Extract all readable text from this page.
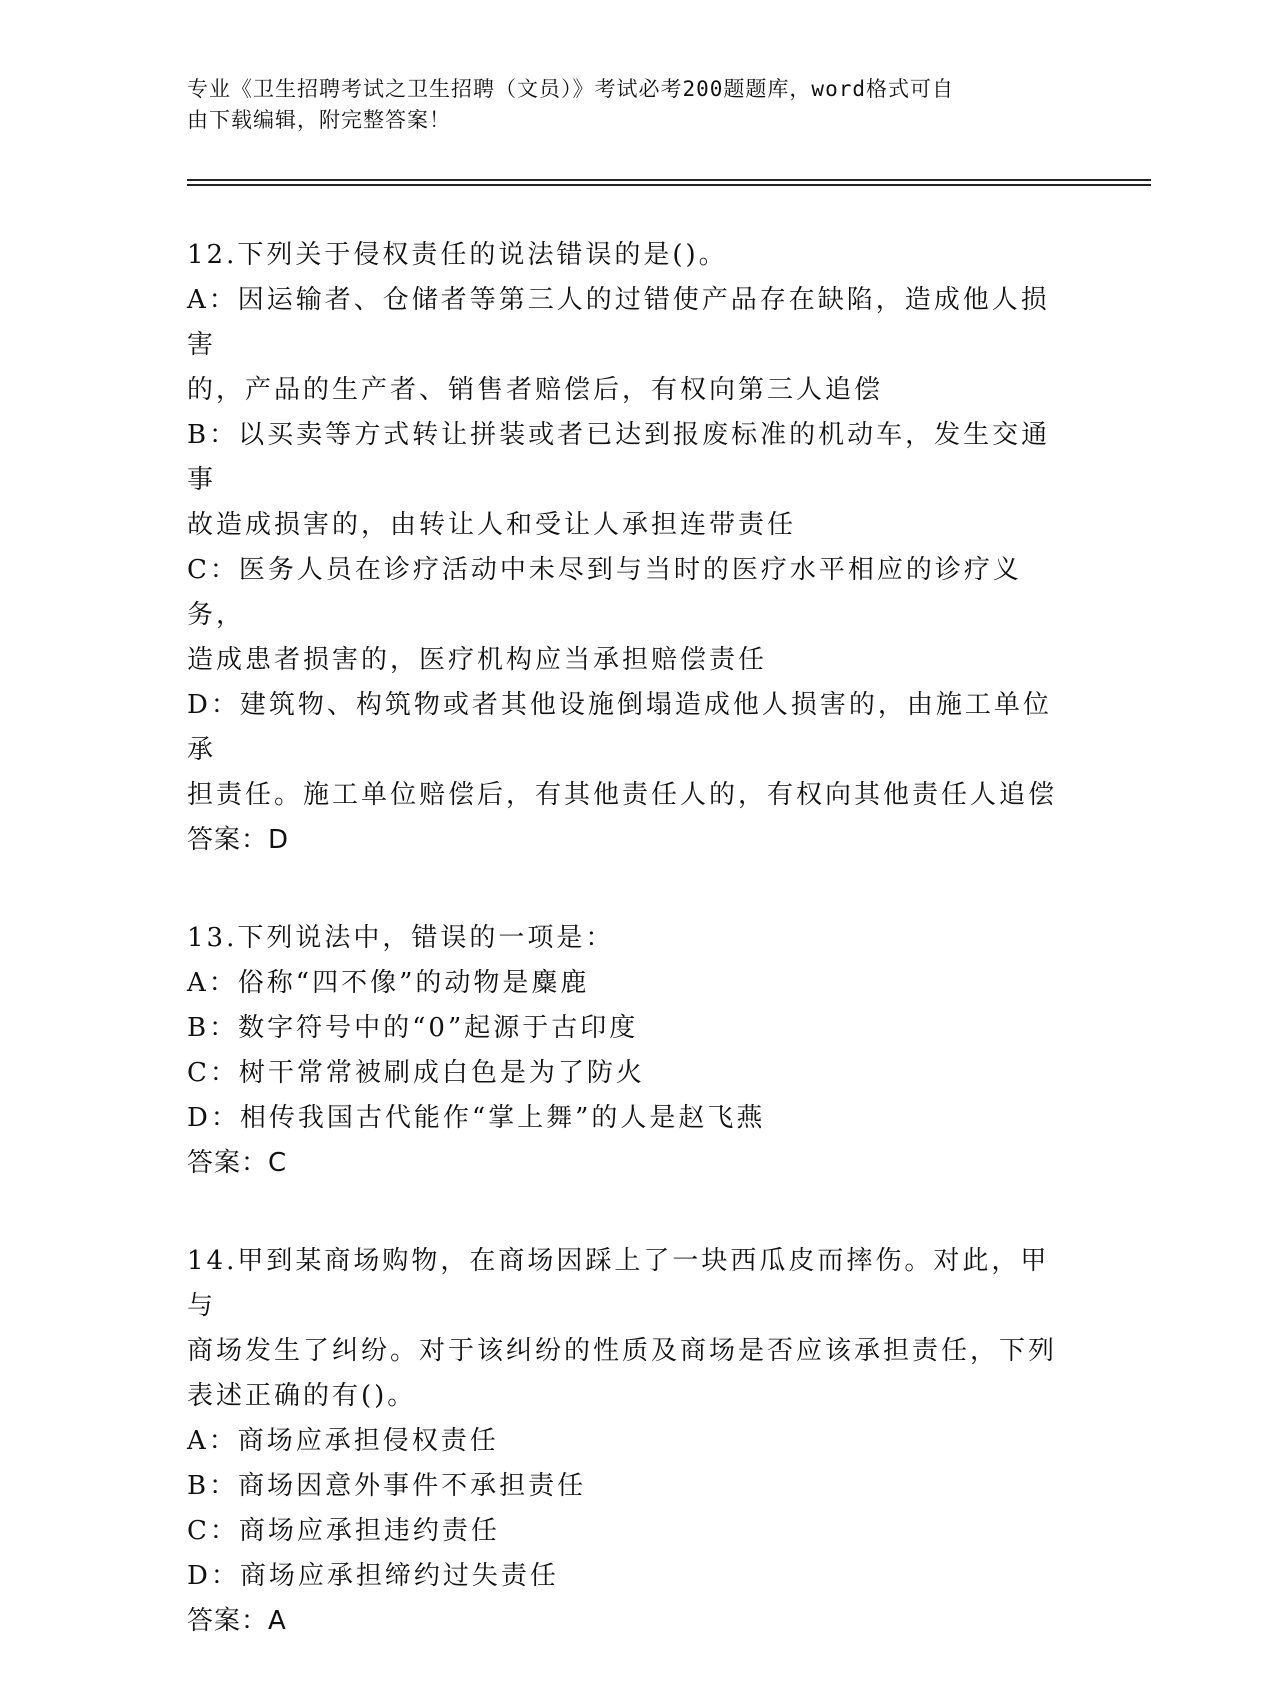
专业《卫生招聘考试之卫生招聘（文员）》考试必考200题题库，word格式可自
由下载编辑，附完整答案！
12.下列关于侵权责任的说法错误的是()。
A：因运输者、仓储者等第三人的过错使产品存在缺陷，造成他人损害
的，产品的生产者、销售者赔偿后，有权向第三人追偿
B：以买卖等方式转让拼装或者已达到报废标准的机动车，发生交通事
故造成损害的，由转让人和受让人承担连带责任
C：医务人员在诊疗活动中未尽到与当时的医疗水平相应的诊疗义务，
造成患者损害的，医疗机构应当承担赔偿责任
D：建筑物、构筑物或者其他设施倒塌造成他人损害的，由施工单位承
担责任。施工单位赔偿后，有其他责任人的，有权向其他责任人追偿
答案：D
13.下列说法中，错误的一项是：
A：俗称“四不像”的动物是麋鹿
B：数字符号中的“0”起源于古印度
C：树干常常被刷成白色是为了防火
D：相传我国古代能作“掌上舞”的人是赵飞燕
答案：C
14.甲到某商场购物，在商场因踩上了一块西瓜皮而摔伤。对此，甲与
商场发生了纠纷。对于该纠纷的性质及商场是否应该承担责任，下列
表述正确的有()。
A：商场应承担侵权责任
B：商场因意外事件不承担责任
C：商场应承担违约责任
D：商场应承担缔约过失责任
答案：A
